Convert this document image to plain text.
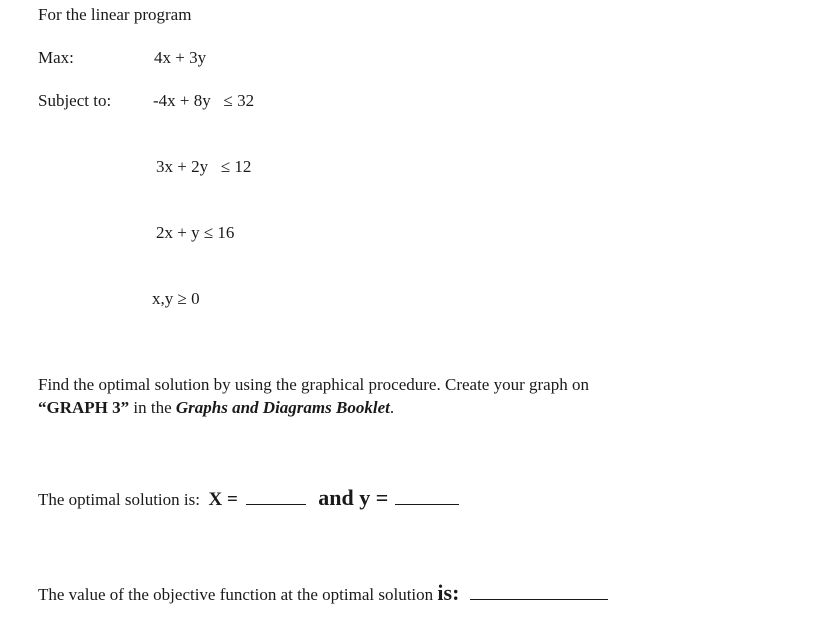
For the linear program
Max:	4x + 3y
Subject to: -4x + 8y   ≤ 32
3x + 2y   ≤ 12
2x + y ≤ 16
x,y ≥ 0
Find the optimal solution by using the graphical procedure. Create your graph on
“GRAPH 3” in the Graphs and Diagrams Booklet.
The optimal solution is:  X =	and y =
The value of the objective function at the optimal solution is:
